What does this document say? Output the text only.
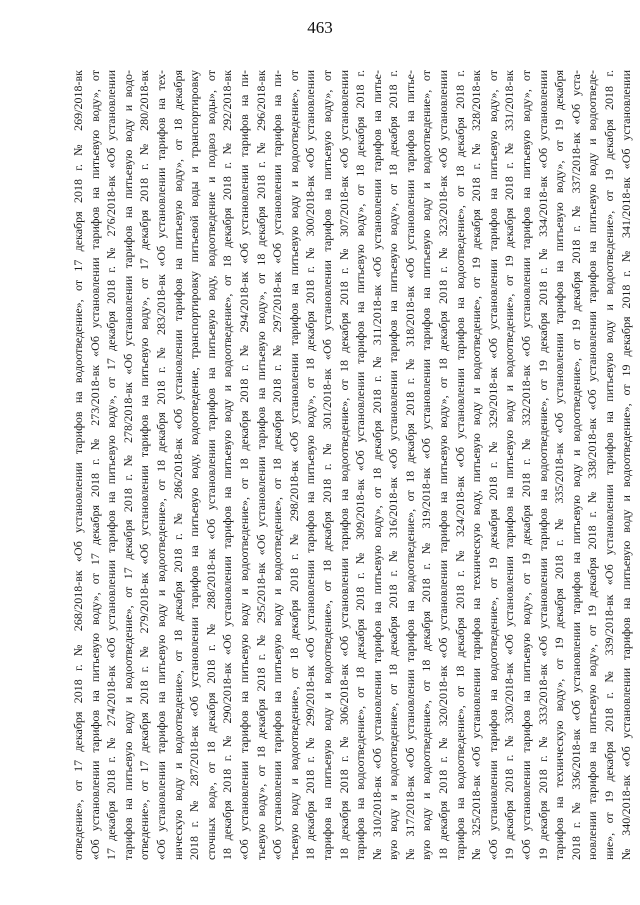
463
отведение», от 17 декабря 2018 г. № 268/2018-вк «Об установлении тарифов на водоотведение», от 17 декабря 2018 г. № 269/2018-вк «Об установлении тарифов на питьевую воду», от 17 декабря 2018 г. № 273/2018-вк «Об установлении тарифов на питьевую воду», от 17 декабря 2018 г. № 274/2018-вк «Об установлении тарифов на питьевую воду», от 17 декабря 2018 г. № 276/2018-вк «Об установлении тарифов на питьевую воду и водоотведение», от 17 декабря 2018 г. № 278/2018-вк «Об установлении тарифов на питьевую воду и водо- отведение», от 17 декабря 2018 г. № 279/2018-вк «Об установлении тарифов на питьевую воду», от 17 декабря 2018 г. № 280/2018-вк «Об установлении тарифов на питьевую воду и водоотведение», от 18 декабря 2018 г. № 283/2018-вк «Об установлении тарифов на тех- ническую воду и водоотведение», от 18 декабря 2018 г. № 286/2018-вк «Об установлении тарифов на питьевую воду», от 18 декабря 2018 г. № 287/2018-вк «Об установлении тарифов на питьевую воду, водоотведение, транспортировку питьевой воды и транспортировку сточных вод», от 18 декабря 2018 г. № 288/2018-вк «Об установлении тарифов на питьевую воду, водоотведение и подвоз воды», от 18 декабря 2018 г. № 290/2018-вк «Об установлении тарифов на питьевую воду и водоотведение», от 18 декабря 2018 г. № 292/2018-вк «Об установлении тарифов на питьевую воду и водоотведение», от 18 декабря 2018 г. № 294/2018-вк «Об установлении тарифов на пи- тьевую воду», от 18 декабря 2018 г. № 295/2018-вк «Об установлении тарифов на питьевую воду», от 18 декабря 2018 г. № 296/2018-вк «Об установлении тарифов на питьевую воду и водоотведение», от 18 декабря 2018 г. № 297/2018-вк «Об установлении тарифов на пи- тьевую воду и водоотведение», от 18 декабря 2018 г. № 298/2018-вк «Об установлении тарифов на питьевую воду и водоотведение», от 18 декабря 2018 г. № 299/2018-вк «Об установлении тарифов на питьевую воду», от 18 декабря 2018 г. № 300/2018-вк «Об установлении тарифов на питьевую воду и водоотведение», от 18 декабря 2018 г. № 301/2018-вк «Об установлении тарифов на питьевую воду», от 18 декабря 2018 г. № 306/2018-вк «Об установлении тарифов на водоотведение», от 18 декабря 2018 г. № 307/2018-вк «Об установлении тарифов на водоотведение», от 18 декабря 2018 г. № 309/2018-вк «Об установлении тарифов на питьевую воду», от 18 декабря 2018 г. № 310/2018-вк «Об установлении тарифов на питьевую воду», от 18 декабря 2018 г. № 311/2018-вк «Об установлении тарифов на питье- вую воду и водоотведение», от 18 декабря 2018 г. № 316/2018-вк «Об установлении тарифов на питьевую воду», от 18 декабря 2018 г. № 317/2018-вк «Об установлении тарифов на водоотведение», от 18 декабря 2018 г. № 318/2018-вк «Об установлении тарифов на питье- вую воду и водоотведение», от 18 декабря 2018 г. № 319/2018-вк «Об установлении тарифов на питьевую воду и водоотведение», от 18 декабря 2018 г. № 320/2018-вк «Об установлении тарифов на питьевую воду», от 18 декабря 2018 г. № 323/2018-вк «Об установлении тарифов на водоотведение», от 18 декабря 2018 г. № 324/2018-вк «Об установлении тарифов на водоотведение», от 18 декабря 2018 г. № 325/2018-вк «Об установлении тарифов на техническую воду, питьевую воду и водоотведение», от 19 декабря 2018 г. № 328/2018-вк «Об установлении тарифов на водоотведение», от 19 декабря 2018 г. № 329/2018-вк «Об установлении тарифов на питьевую воду», от 19 декабря 2018 г. № 330/2018-вк «Об установлении тарифов на питьевую воду и водоотведение», от 19 декабря 2018 г. № 331/2018-вк «Об установлении тарифов на питьевую воду», от 19 декабря 2018 г. № 332/2018-вк «Об установлении тарифов на питьевую воду», от 19 декабря 2018 г. № 333/2018-вк «Об установлении тарифов на водоотведение», от 19 декабря 2018 г. № 334/2018-вк «Об установлении тарифов на техническую воду», от 19 декабря 2018 г. № 335/2018-вк «Об установлении тарифов на питьевую воду», от 19 декабря 2018 г. № 336/2018-вк «Об установлении тарифов на питьевую воду и водоотведение», от 19 декабря 2018 г. № 337/2018-вк «Об уста- новлении тарифов на питьевую воду», от 19 декабря 2018 г. № 338/2018-вк «Об установлении тарифов на питьевую воду и водоотведе- ние», от 19 декабря 2018 г. № 339/2018-вк «Об установлении тарифов на питьевую воду и водоотведение», от 19 декабря 2018 г. № 340/2018-вк «Об установлении тарифов на питьевую воду и водоотведение», от 19 декабря 2018 г. № 341/2018-вк «Об установлении
